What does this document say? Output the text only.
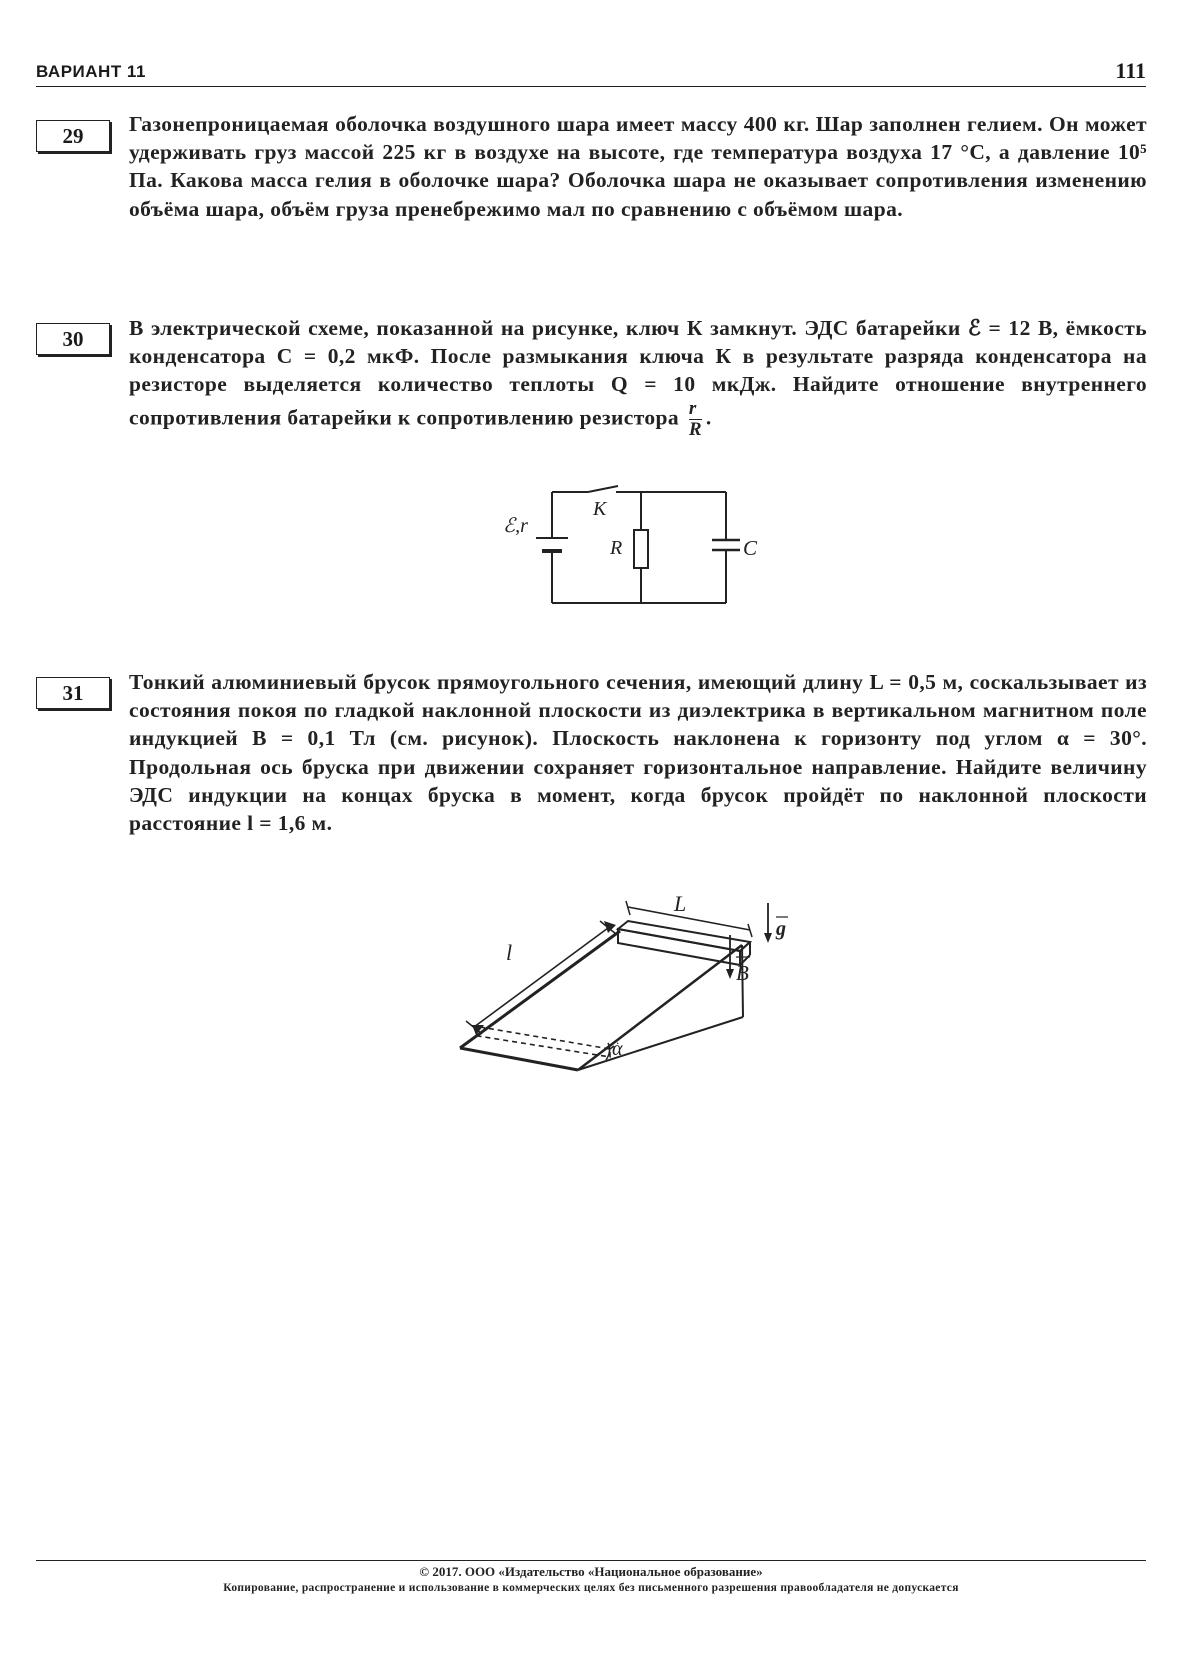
ВАРИАНТ 11	111
29	Газонепроницаемая оболочка воздушного шара имеет массу 400 кг. Шар заполнен гелием. Он может удерживать груз массой 225 кг в воздухе на высоте, где температура воздуха 17 °С, а давление 10⁵ Па. Какова масса гелия в оболочке шара? Оболочка шара не оказывает сопротивления изменению объёма шара, объём груза пренебрежимо мал по сравнению с объёмом шара.
30	В электрической схеме, показанной на рисунке, ключ К замкнут. ЭДС батарейки ℰ = 12 В, ёмкость конденсатора C = 0,2 мкФ. После размыкания ключа К в результате разряда конденсатора на резисторе выделяется количество теплоты Q = 10 мкДж. Найдите отношение внутреннего сопротивления батарейки к сопротивлению резистора $\frac{r}{R}$ .
ℰ,r
K
R	C
31	Тонкий алюминиевый брусок прямоугольного сечения, имеющий длину L = 0,5 м, соскальзывает из состояния покоя по гладкой наклонной плоскости из диэлектрика в вертикальном магнитном поле индукцией B = 0,1 Тл (см. рисунок). Плоскость наклонена к горизонту под углом α = 30°. Продольная ось бруска при движении сохраняет горизонтальное направление. Найдите величину ЭДС индукции на концах бруска в момент, когда брусок пройдёт по наклонной плоскости расстояние l = 1,6 м.
l
L
g
B
α
© 2017. ООО «Издательство «Национальное образование»
Копирование, распространение и использование в коммерческих целях без письменного разрешения правообладателя не допускается
